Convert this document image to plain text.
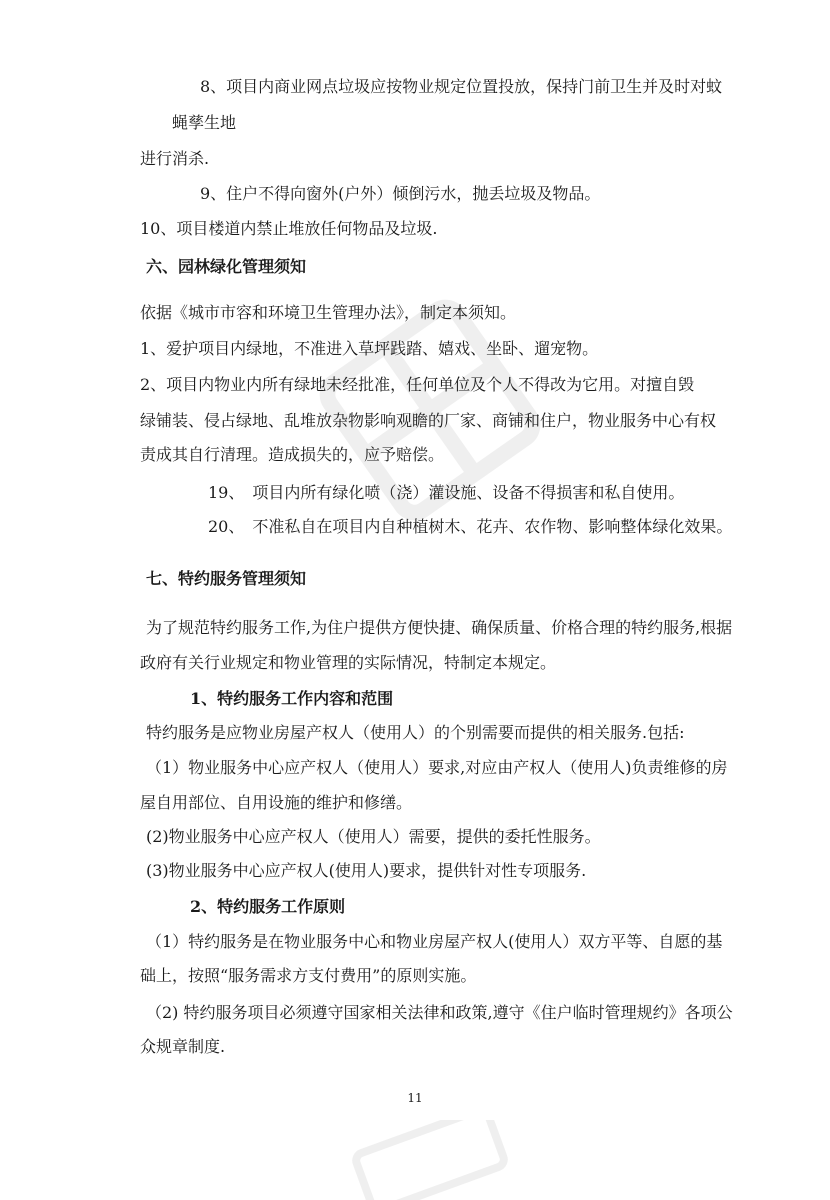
8、项目内商业网点垃圾应按物业规定位置投放，保持门前卫生并及时对蚊
蝇孳生地
进行消杀.
9、住户不得向窗外(户外）倾倒污水，抛丢垃圾及物品。
10、项目楼道内禁止堆放任何物品及垃圾.
六、园林绿化管理须知
依据《城市市容和环境卫生管理办法》，制定本须知。
1、爱护项目内绿地，不准进入草坪践踏、嬉戏、坐卧、遛宠物。
2、项目内物业内所有绿地未经批准，任何单位及个人不得改为它用。对擅自毁
绿铺装、侵占绿地、乱堆放杂物影响观瞻的厂家、商铺和住户，物业服务中心有权
责成其自行清理。造成损失的，应予赔偿。
19、　项目内所有绿化喷（浇）灌设施、设备不得损害和私自使用。
20、　不准私自在项目内自种植树木、花卉、农作物、影响整体绿化效果。
七、特约服务管理须知
为了规范特约服务工作,为住户提供方便快捷、确保质量、价格合理的特约服务,根据
政府有关行业规定和物业管理的实际情况，特制定本规定。
1、特约服务工作内容和范围
特约服务是应物业房屋产权人（使用人）的个别需要而提供的相关服务.包括:
（1）物业服务中心应产权人（使用人）要求,对应由产权人（使用人)负责维修的房
屋自用部位、自用设施的维护和修缮。
(2)物业服务中心应产权人（使用人）需要，提供的委托性服务。
(3)物业服务中心应产权人(使用人)要求，提供针对性专项服务.
2、特约服务工作原则
（1）特约服务是在物业服务中心和物业房屋产权人(使用人）双方平等、自愿的基
础上，按照“服务需求方支付费用”的原则实施。
（2) 特约服务项目必须遵守国家相关法律和政策,遵守《住户临时管理规约》各项公
众规章制度.
11
